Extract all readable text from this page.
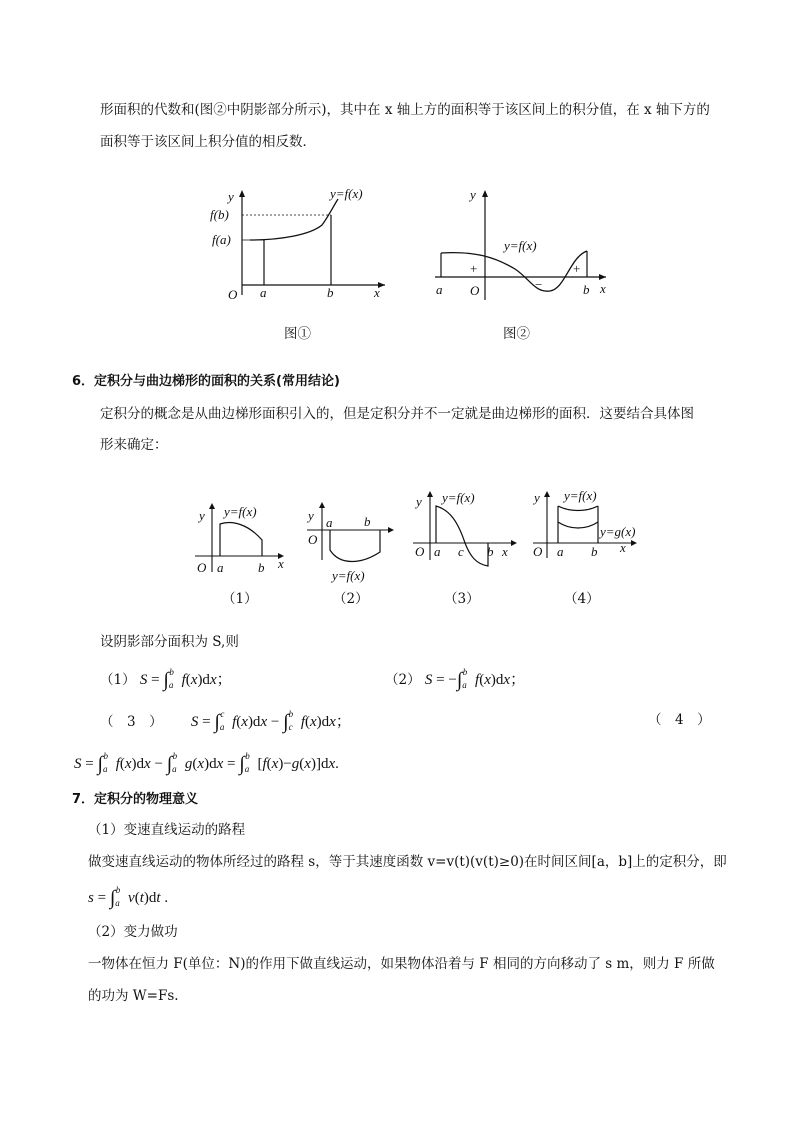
形面积的代数和(图②中阴影部分所示)，其中在 x 轴上方的面积等于该区间上的积分值，在 x 轴下方的
面积等于该区间上积分值的相反数．
y	y=f(x)
f(b)
f(a)
O a	b	x
图①
y
y=f(x)
+
−
+
a O	b x
图②
6．定积分与曲边梯形的面积的关系(常用结论)
定积分的概念是从曲边梯形面积引入的，但是定积分并不一定就是曲边梯形的面积．这要结合具体图
形来确定：
y y=f(x)
O a	b x
（1）
y a b
O
y=f(x)
（2）
y y=f(x)
O a c b x
（3）
y y=f(x)
y=g(x)
O a b x
（4）
设阴影部分面积为 S,则
（1） $S = \int_a^b$ f(x)dx；	（2） $S = -\int_a^b$ f(x)dx；
（　3　） $S = \int_a^c$ $f(x)dx - \int_c^b$ f(x)dx；	（　4　）
$S = \int_a^b$ $f(x)dx - \int_a^b$ $g(x)dx = \int_a^b$ [f(x)−g(x)]dx.
7．定积分的物理意义
（1）变速直线运动的路程
做变速直线运动的物体所经过的路程 s，等于其速度函数 v=v(t)(v(t)≥0)在时间区间[a，b]上的定积分，即
$s = \int_a^b$ v(t)dt .
（2）变力做功
一物体在恒力 F(单位：N)的作用下做直线运动，如果物体沿着与 F 相同的方向移动了 s m，则力 F 所做
的功为 W=Fs.
